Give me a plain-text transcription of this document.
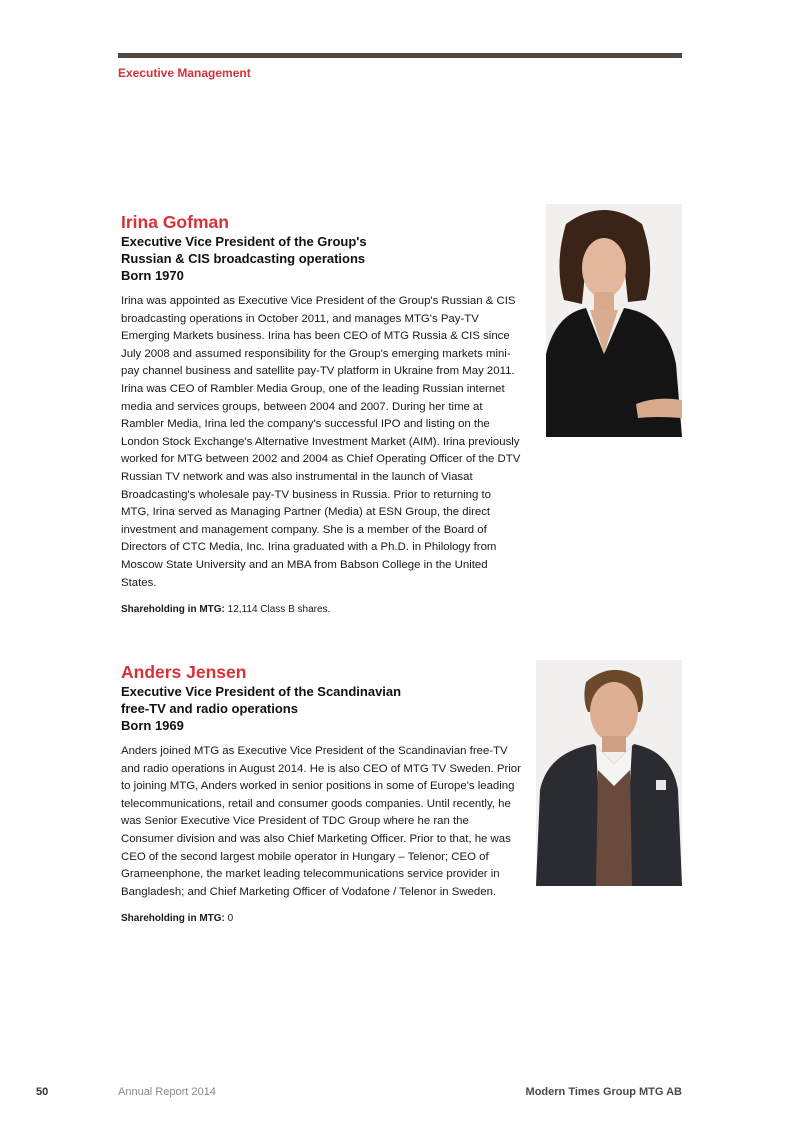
Executive Management
Irina Gofman
Executive Vice President of the Group's
Russian & CIS broadcasting operations
Born 1970
Irina was appointed as Executive Vice President of the Group's Russian & CIS broadcasting operations in October 2011, and manages MTG's Pay-TV Emerging Markets business. Irina has been CEO of MTG Russia & CIS since July 2008 and assumed responsibility for the Group's emerging markets mini-pay channel business and satellite pay-TV platform in Ukraine from May 2011. Irina was CEO of Rambler Media Group, one of the leading Russian internet media and services groups, between 2004 and 2007. During her time at Rambler Media, Irina led the company's successful IPO and listing on the London Stock Exchange's Alternative Investment Market (AIM). Irina previously worked for MTG between 2002 and 2004 as Chief Operating Officer of the DTV Russian TV network and was also instrumental in the launch of Viasat Broadcasting's wholesale pay-TV business in Russia. Prior to returning to MTG, Irina served as Managing Partner (Media) at ESN Group, the direct investment and management company. She is a member of the Board of Directors of CTC Media, Inc. Irina graduated with a Ph.D. in Philology from Moscow State University and an MBA from Babson College in the United States.
Shareholding in MTG: 12,114 Class B shares.
Anders Jensen
Executive Vice President of the Scandinavian
free-TV and radio operations
Born 1969
Anders joined MTG as Executive Vice President of the Scandinavian free-TV and radio operations in August 2014. He is also CEO of MTG TV Sweden. Prior to joining MTG, Anders worked in senior positions in some of Europe's leading telecommunications, retail and consumer goods companies. Until recently, he was Senior Executive Vice President of TDC Group where he ran the Consumer division and was also Chief Marketing Officer. Prior to that, he was CEO of the second largest mobile operator in Hungary – Telenor; CEO of Grameenphone, the market leading telecommunications service provider in Bangladesh; and Chief Marketing Officer of Vodafone / Telenor in Sweden.
Shareholding in MTG: 0
50	Annual Report 2014	Modern Times Group MTG AB
